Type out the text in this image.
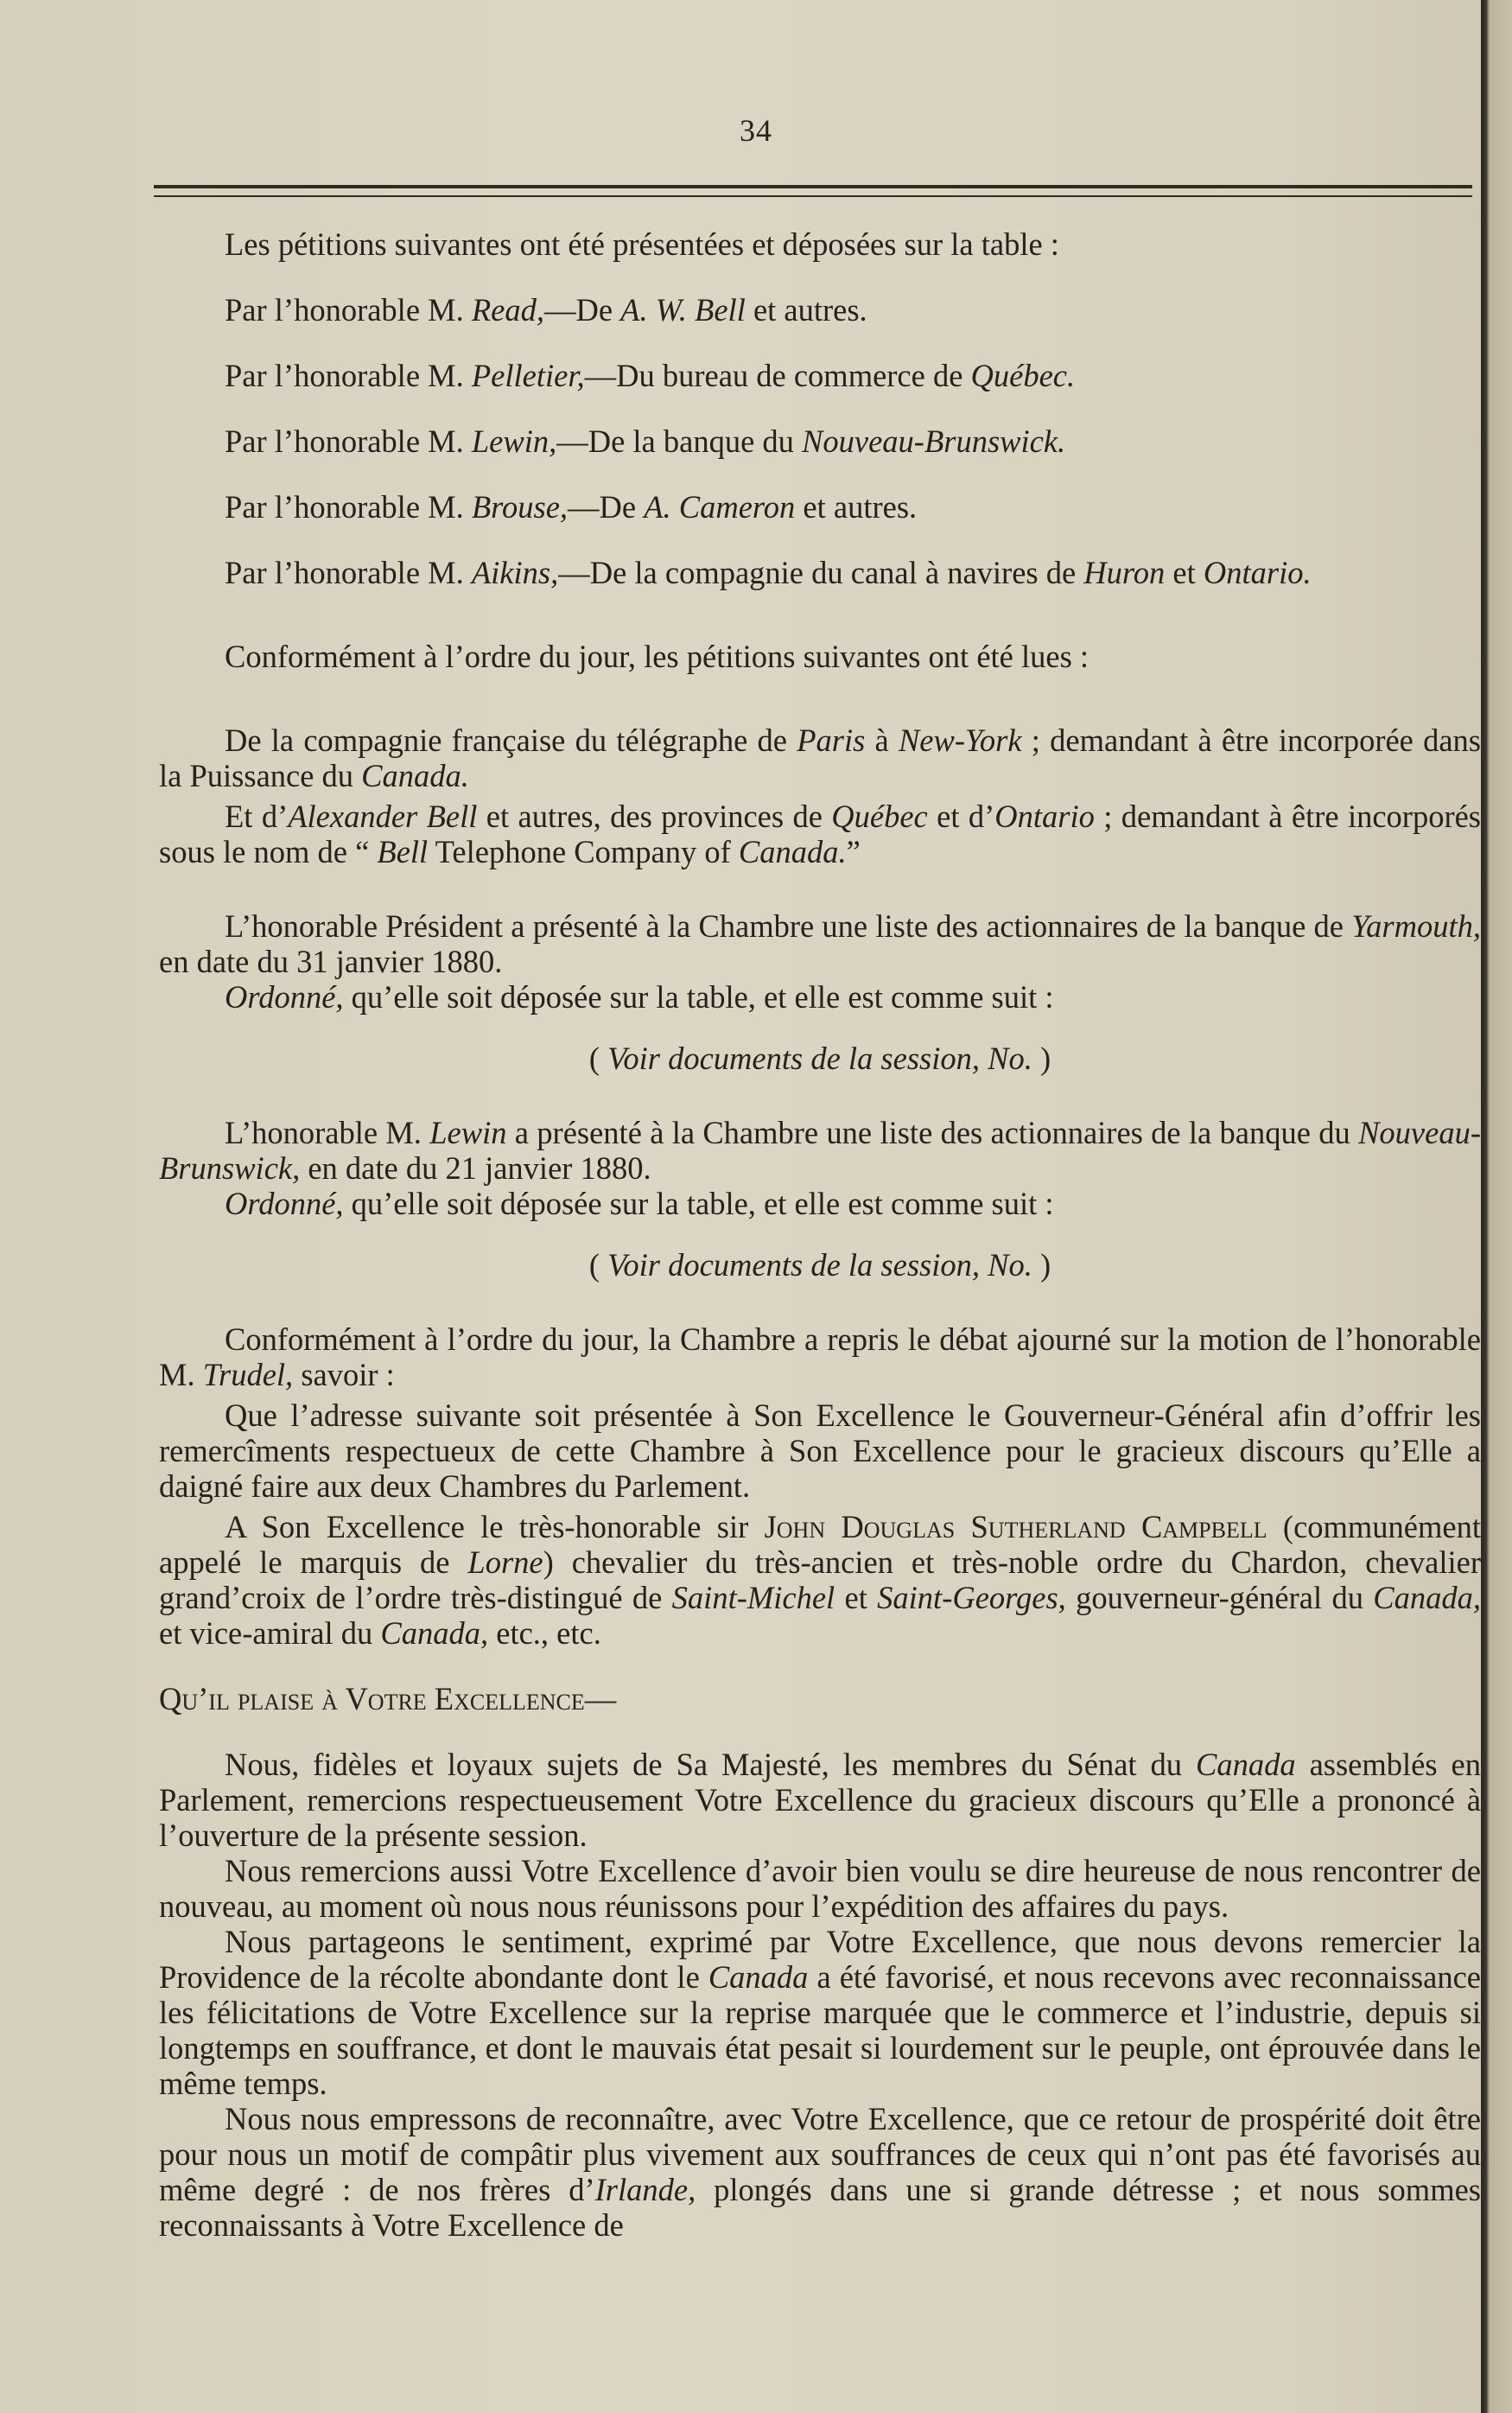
34

Les pétitions suivantes ont été présentées et déposées sur la table :

Par l’honorable M. Read,—De A. W. Bell et autres.

Par l’honorable M. Pelletier,—Du bureau de commerce de Québec.

Par l’honorable M. Lewin,—De la banque du Nouveau-Brunswick.

Par l’honorable M. Brouse,—De A. Cameron et autres.

Par l’honorable M. Aikins,—De la compagnie du canal à navires de Huron et Ontario.

Conformément à l’ordre du jour, les pétitions suivantes ont été lues :

De la compagnie française du télégraphe de Paris à New-York ; demandant à être incorporée dans la Puissance du Canada.

Et d’Alexander Bell et autres, des provinces de Québec et d’Ontario ; demandant à être incorporés sous le nom de “ Bell Telephone Company of Canada.”

L’honorable Président a présenté à la Chambre une liste des actionnaires de la banque de Yarmouth, en date du 31 janvier 1880.

Ordonné, qu’elle soit déposée sur la table, et elle est comme suit :

( Voir documents de la session, No. )

L’honorable M. Lewin a présenté à la Chambre une liste des actionnaires de la banque du Nouveau-Brunswick, en date du 21 janvier 1880.

Ordonné, qu’elle soit déposée sur la table, et elle est comme suit :

( Voir documents de la session, No. )

Conformément à l’ordre du jour, la Chambre a repris le débat ajourné sur la motion de l’honorable M. Trudel, savoir :

Que l’adresse suivante soit présentée à Son Excellence le Gouverneur-Général afin d’offrir les remercîments respectueux de cette Chambre à Son Excellence pour le gracieux discours qu’Elle a daigné faire aux deux Chambres du Parlement.

A Son Excellence le très-honorable sir John Douglas Sutherland Campbell (communément appelé le marquis de Lorne) chevalier du très-ancien et très-noble ordre du Chardon, chevalier grand’croix de l’ordre très-distingué de Saint-Michel et Saint-Georges, gouverneur-général du Canada, et vice-amiral du Canada, etc., etc.

Qu’il plaise à Votre Excellence—

Nous, fidèles et loyaux sujets de Sa Majesté, les membres du Sénat du Canada assemblés en Parlement, remercions respectueusement Votre Excellence du gracieux discours qu’Elle a prononcé à l’ouverture de la présente session.

Nous remercions aussi Votre Excellence d’avoir bien voulu se dire heureuse de nous rencontrer de nouveau, au moment où nous nous réunissons pour l’expédition des affaires du pays.

Nous partageons le sentiment, exprimé par Votre Excellence, que nous devons remercier la Providence de la récolte abondante dont le Canada a été favorisé, et nous recevons avec reconnaissance les félicitations de Votre Excellence sur la reprise marquée que le commerce et l’industrie, depuis si longtemps en souffrance, et dont le mauvais état pesait si lourdement sur le peuple, ont éprouvée dans le même temps.

Nous nous empressons de reconnaître, avec Votre Excellence, que ce retour de prospérité doit être pour nous un motif de compâtir plus vivement aux souffrances de ceux qui n’ont pas été favorisés au même degré : de nos frères d’Irlande, plongés dans une si grande détresse ; et nous sommes reconnaissants à Votre Excellence de
